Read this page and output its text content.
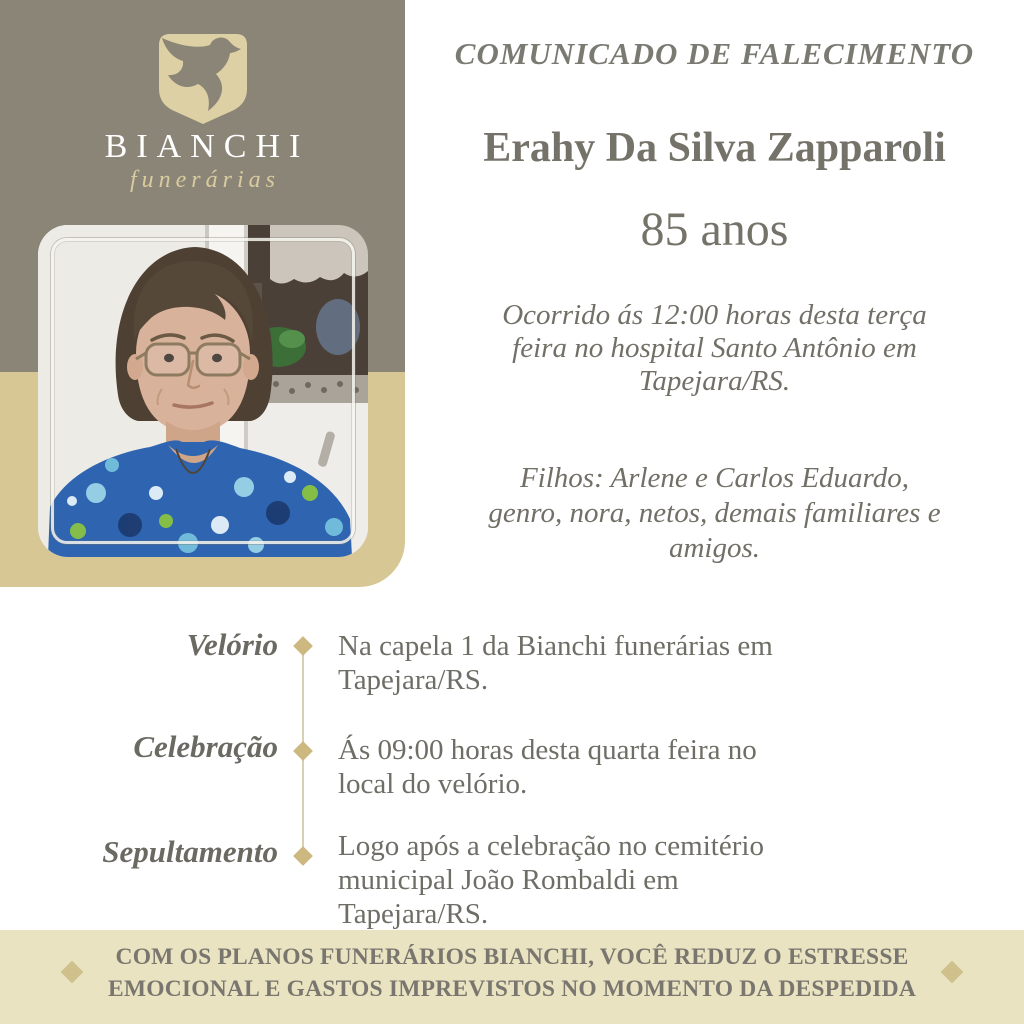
BIANCHI
funerárias
COMUNICADO DE FALECIMENTO
Erahy Da Silva Zapparoli
85 anos
Ocorrido ás 12:00 horas desta terça
feira no hospital Santo Antônio em
Tapejara/RS.
Filhos: Arlene e Carlos Eduardo,
genro, nora, netos, demais familiares e
amigos.
Velório Na capela 1 da Bianchi funerárias em
Tapejara/RS.
Celebração Ás 09:00 horas desta quarta feira no
local do velório.
Sepultamento Logo após a celebração no cemitério
municipal João Rombaldi em
Tapejara/RS.
COM OS PLANOS FUNERÁRIOS BIANCHI, VOCÊ REDUZ O ESTRESSE
EMOCIONAL E GASTOS IMPREVISTOS NO MOMENTO DA DESPEDIDA
